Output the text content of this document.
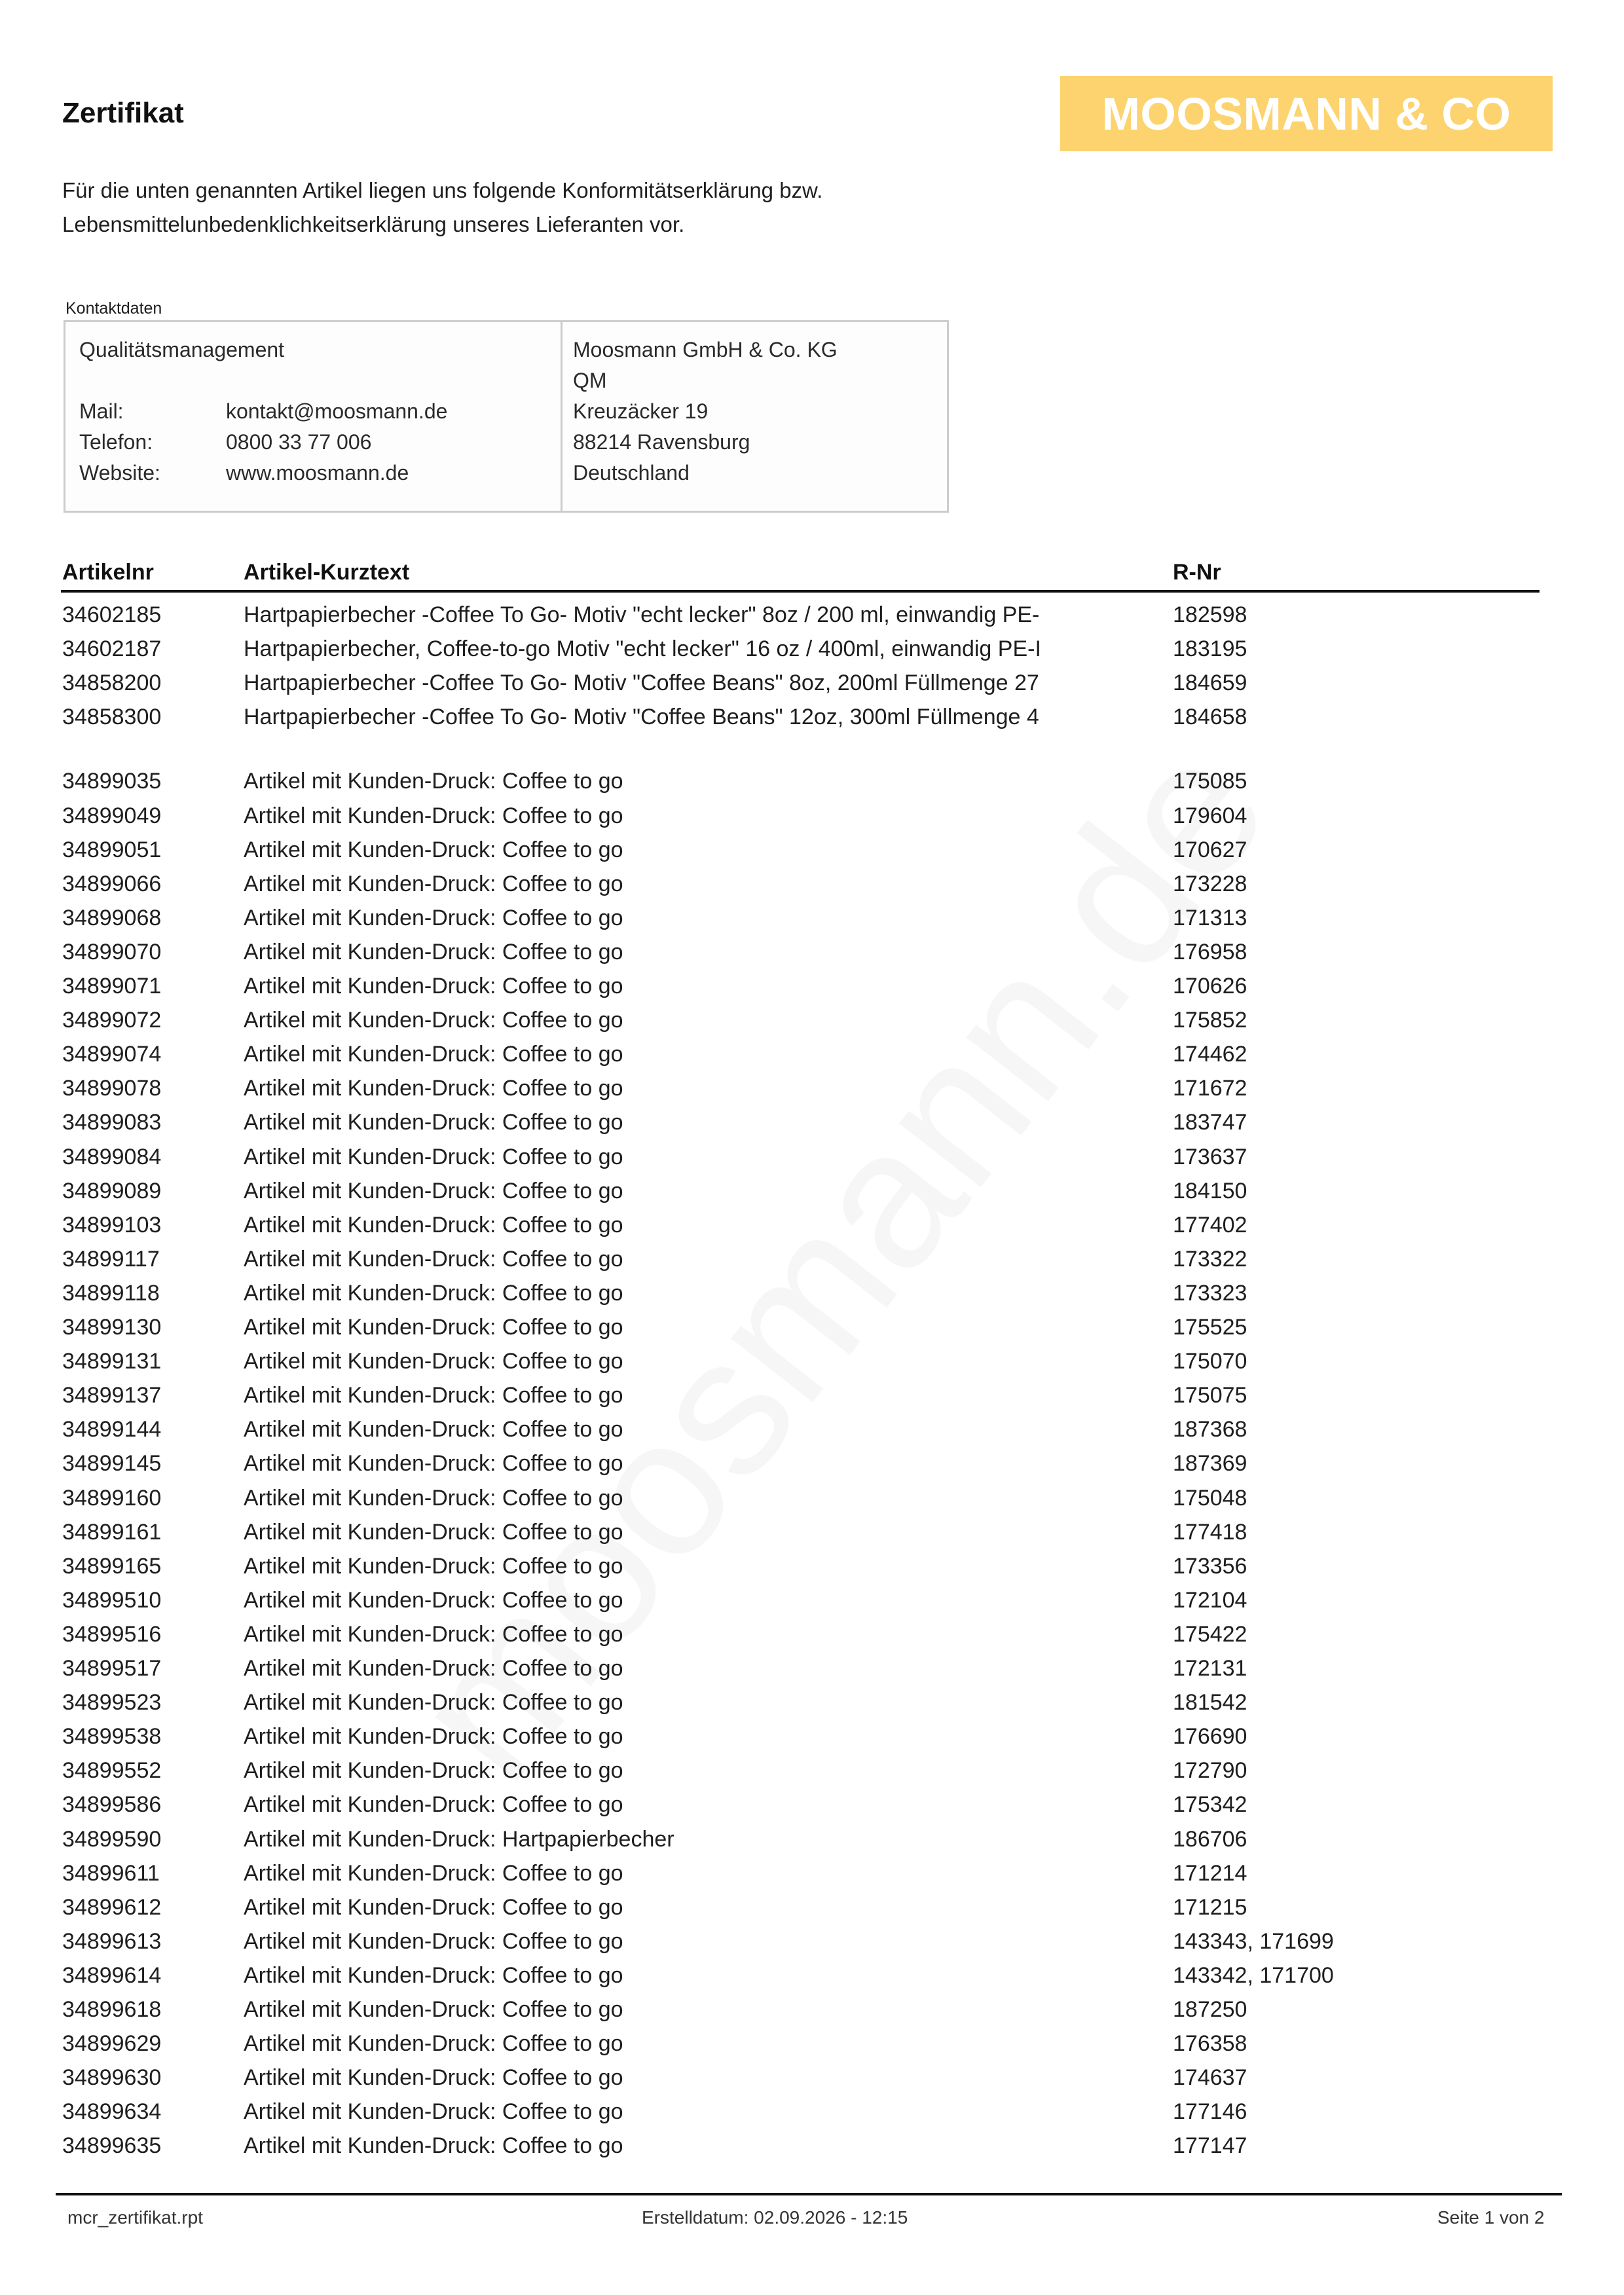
Zertifikat	MOOSMANN & CO
Für die unten genannten Artikel liegen uns folgende Konformitätserklärung bzw.
Lebensmittelunbedenklichkeitserklärung unseres Lieferanten vor.
Kontaktdaten
Qualitätsmanagement
Mail:	kontakt@moosmann.de
Telefon:	0800 33 77 006
Website:	www.moosmann.de
Moosmann GmbH & Co. KG
QM
Kreuzäcker 19
88214 Ravensburg
Deutschland
Artikelnr	Artikel-Kurztext	R-Nr
34602185	Hartpapierbecher -Coffee To Go- Motiv "echt lecker" 8oz / 200 ml, einwandig PE-	182598
34602187	Hartpapierbecher, Coffee-to-go Motiv "echt lecker" 16 oz / 400ml, einwandig PE-I	183195
34858200	Hartpapierbecher -Coffee To Go- Motiv "Coffee Beans" 8oz, 200ml Füllmenge 27	184659
34858300	Hartpapierbecher -Coffee To Go- Motiv "Coffee Beans" 12oz, 300ml Füllmenge 4	184658
34899035	Artikel mit Kunden-Druck: Coffee to go	175085
34899049	Artikel mit Kunden-Druck: Coffee to go	179604
34899051	Artikel mit Kunden-Druck: Coffee to go	170627
34899066	Artikel mit Kunden-Druck: Coffee to go	173228
34899068	Artikel mit Kunden-Druck: Coffee to go	171313
34899070	Artikel mit Kunden-Druck: Coffee to go	176958
34899071	Artikel mit Kunden-Druck: Coffee to go	170626
34899072	Artikel mit Kunden-Druck: Coffee to go	175852
34899074	Artikel mit Kunden-Druck: Coffee to go	174462
34899078	Artikel mit Kunden-Druck: Coffee to go	171672
34899083	Artikel mit Kunden-Druck: Coffee to go	183747
34899084	Artikel mit Kunden-Druck: Coffee to go	173637
34899089	Artikel mit Kunden-Druck: Coffee to go	184150
34899103	Artikel mit Kunden-Druck: Coffee to go	177402
34899117	Artikel mit Kunden-Druck: Coffee to go	173322
34899118	Artikel mit Kunden-Druck: Coffee to go	173323
34899130	Artikel mit Kunden-Druck: Coffee to go	175525
34899131	Artikel mit Kunden-Druck: Coffee to go	175070
34899137	Artikel mit Kunden-Druck: Coffee to go	175075
34899144	Artikel mit Kunden-Druck: Coffee to go	187368
34899145	Artikel mit Kunden-Druck: Coffee to go	187369
34899160	Artikel mit Kunden-Druck: Coffee to go	175048
34899161	Artikel mit Kunden-Druck: Coffee to go	177418
34899165	Artikel mit Kunden-Druck: Coffee to go	173356
34899510	Artikel mit Kunden-Druck: Coffee to go	172104
34899516	Artikel mit Kunden-Druck: Coffee to go	175422
34899517	Artikel mit Kunden-Druck: Coffee to go	172131
34899523	Artikel mit Kunden-Druck: Coffee to go	181542
34899538	Artikel mit Kunden-Druck: Coffee to go	176690
34899552	Artikel mit Kunden-Druck: Coffee to go	172790
34899586	Artikel mit Kunden-Druck: Coffee to go	175342
34899590	Artikel mit Kunden-Druck: Hartpapierbecher	186706
34899611	Artikel mit Kunden-Druck: Coffee to go	171214
34899612	Artikel mit Kunden-Druck: Coffee to go	171215
34899613	Artikel mit Kunden-Druck: Coffee to go	143343, 171699
34899614	Artikel mit Kunden-Druck: Coffee to go	143342, 171700
34899618	Artikel mit Kunden-Druck: Coffee to go	187250
34899629	Artikel mit Kunden-Druck: Coffee to go	176358
34899630	Artikel mit Kunden-Druck: Coffee to go	174637
34899634	Artikel mit Kunden-Druck: Coffee to go	177146
34899635	Artikel mit Kunden-Druck: Coffee to go	177147
mcr_zertifikat.rpt	Erstelldatum: 02.09.2026 - 12:15	Seite 1 von 2
